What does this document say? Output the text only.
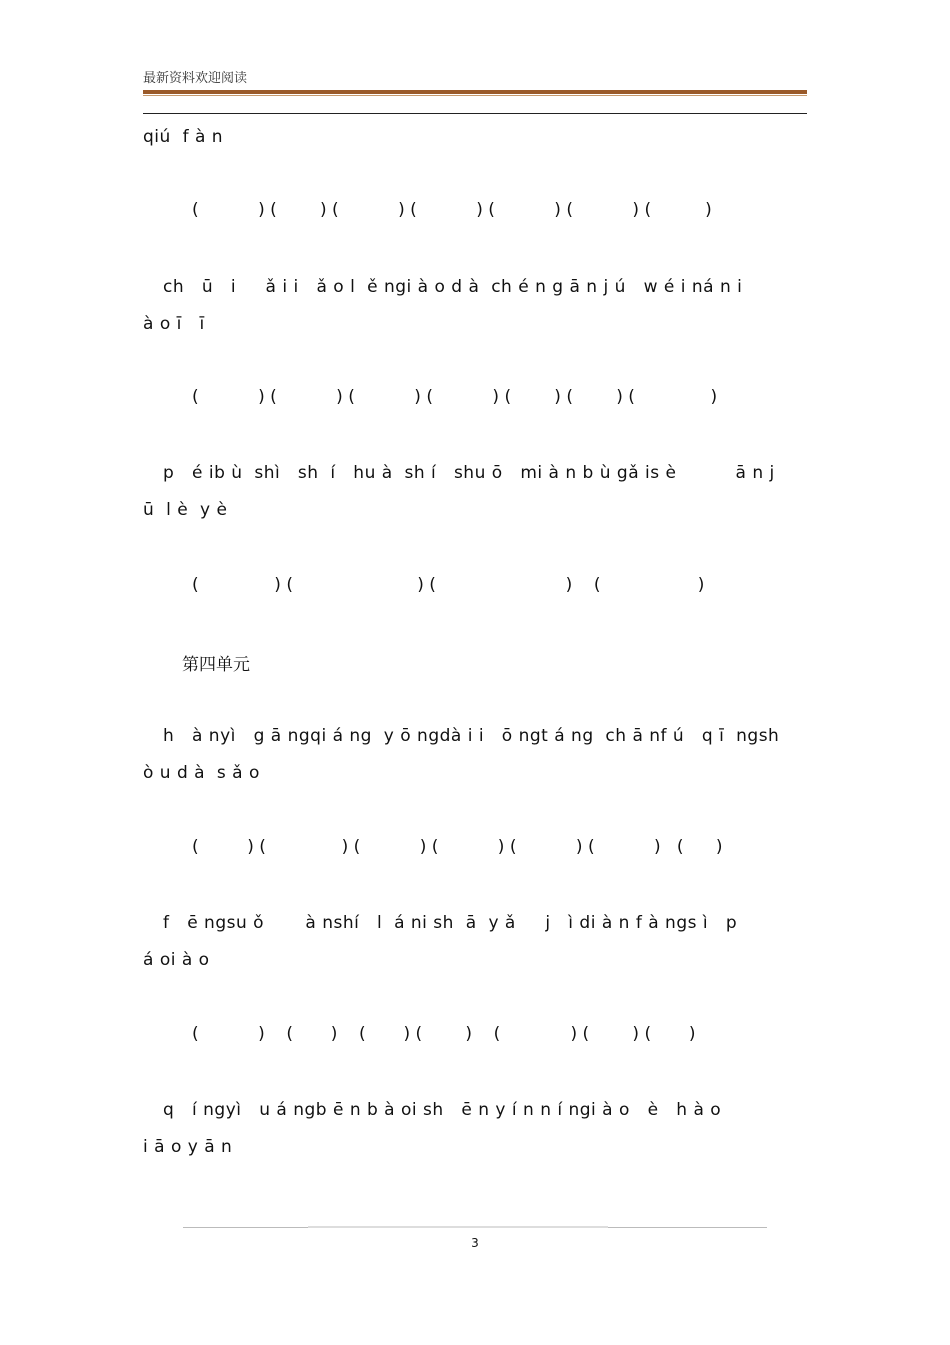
最新资料欢迎阅读
qiú  f à n
(           ) (        ) (           ) (           ) (           ) (           ) (          )
ch   ū   i     ǎ i i   ǎ o l  ě ngi à o d à  ch é n g ā n j ú   w é i ná n i
à o ī   ī
(           ) (           ) (           ) (           ) (        ) (        ) (              )
p   é ib ù  shì   sh  í   hu à  sh í   shu ō   mi à n b ù gǎ is è          ā n j
ū  l è  y è
(              ) (                       ) (                        )    (                  )
第四单元
h   à nyì   g ā ngqi á ng  y ō ngdà i i   ō ngt á ng  ch ā nf ú   q ī  ngsh
ò u d à  s ǎ o
(         ) (              ) (           ) (           ) (           ) (           )   (      )
f   ē ngsu ǒ       à nshí   l  á ni sh  ā  y ǎ     j   ì di à n f à ngs ì   p
á oi à o
(           )    (       )    (       ) (        )    (             ) (        ) (       )
q   í ngyì   u á ngb ē n b à oi sh   ē n y í n n í ngi à o   è   h à o
i ā o y ā n
3
